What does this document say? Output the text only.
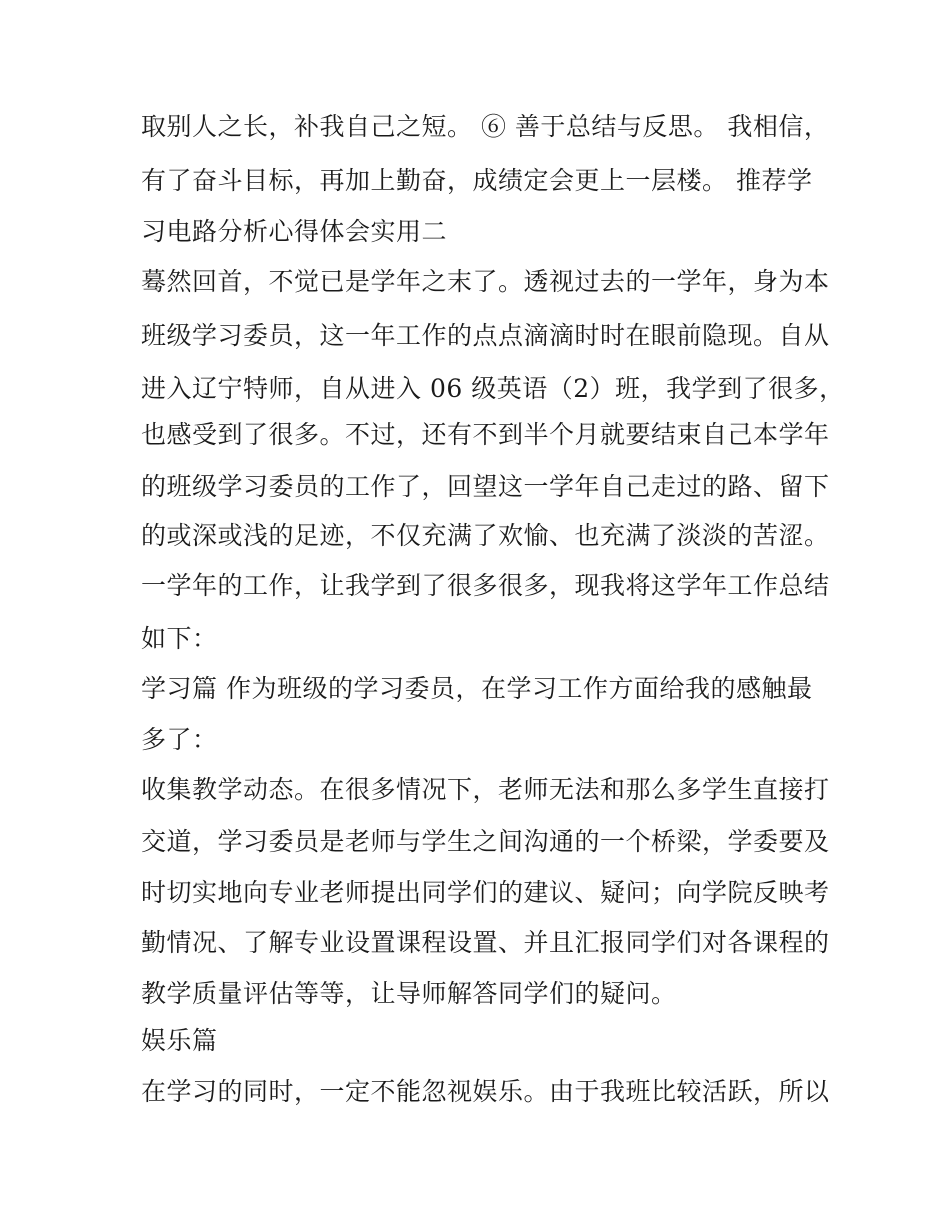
取别人之长，补我自己之短。 ⑥ 善于总结与反思。 我相信，
有了奋斗目标，再加上勤奋，成绩定会更上一层楼。 推荐学
习电路分析心得体会实用二
蓦然回首，不觉已是学年之末了。透视过去的一学年，身为本
班级学习委员，这一年工作的点点滴滴时时在眼前隐现。自从
进入辽宁特师，自从进入 06 级英语（2）班，我学到了很多，
也感受到了很多。不过，还有不到半个月就要结束自己本学年
的班级学习委员的工作了，回望这一学年自己走过的路、留下
的或深或浅的足迹，不仅充满了欢愉、也充满了淡淡的苦涩。
一学年的工作，让我学到了很多很多，现我将这学年工作总结
如下：
学习篇 作为班级的学习委员，在学习工作方面给我的感触最
多了：
收集教学动态。在很多情况下，老师无法和那么多学生直接打
交道，学习委员是老师与学生之间沟通的一个桥梁，学委要及
时切实地向专业老师提出同学们的建议、疑问；向学院反映考
勤情况、了解专业设置课程设置、并且汇报同学们对各课程的
教学质量评估等等，让导师解答同学们的疑问。
娱乐篇
在学习的同时，一定不能忽视娱乐。由于我班比较活跃，所以
